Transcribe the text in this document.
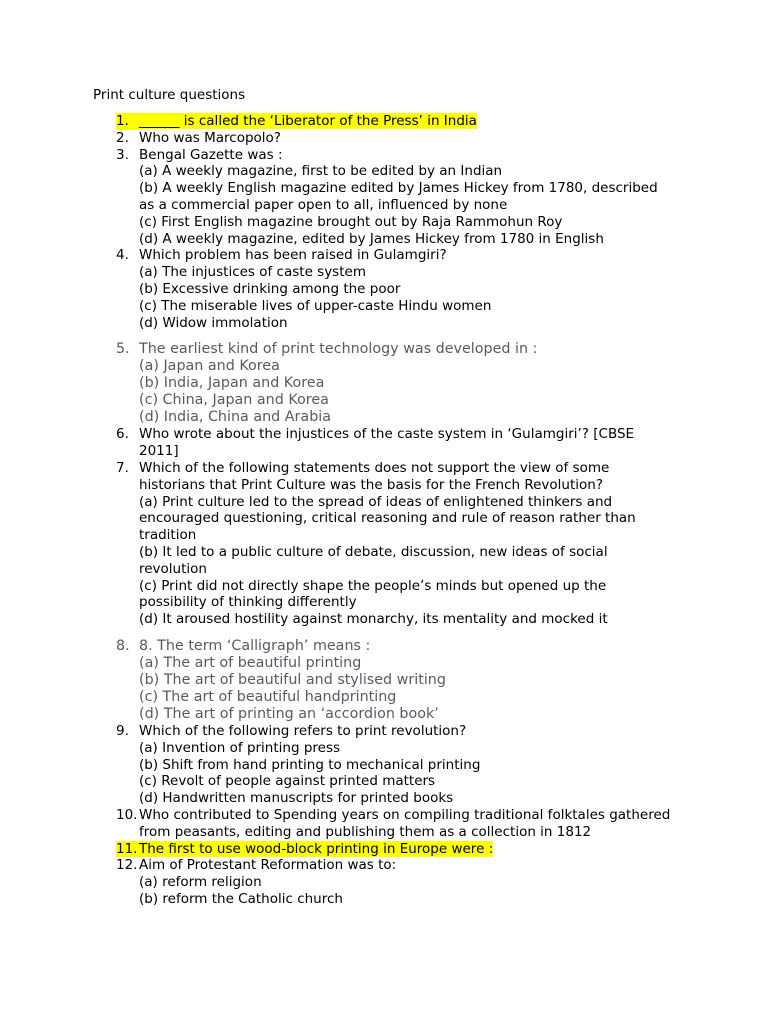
Print culture questions
1. ______ is called the ‘Liberator of the Press’ in India
2. Who was Marcopolo?
3. Bengal Gazette was :
(a) A weekly magazine, first to be edited by an Indian
(b) A weekly English magazine edited by James Hickey from 1780, described as a commercial paper open to all, influenced by none
(c) First English magazine brought out by Raja Rammohun Roy
(d) A weekly magazine, edited by James Hickey from 1780 in English
4. Which problem has been raised in Gulamgiri?
(a) The injustices of caste system
(b) Excessive drinking among the poor
(c) The miserable lives of upper-caste Hindu women
(d) Widow immolation
5. The earliest kind of print technology was developed in :
(a) Japan and Korea
(b) India, Japan and Korea
(c) China, Japan and Korea
(d) India, China and Arabia
6. Who wrote about the injustices of the caste system in ‘Gulamgiri’? [CBSE 2011]
7. Which of the following statements does not support the view of some historians that Print Culture was the basis for the French Revolution?
(a) Print culture led to the spread of ideas of enlightened thinkers and encouraged questioning, critical reasoning and rule of reason rather than tradition
(b) It led to a public culture of debate, discussion, new ideas of social revolution
(c) Print did not directly shape the people’s minds but opened up the possibility of thinking differently
(d) It aroused hostility against monarchy, its mentality and mocked it
8. 8. The term ‘Calligraph’ means :
(a) The art of beautiful printing
(b) The art of beautiful and stylised writing
(c) The art of beautiful handprinting
(d) The art of printing an ‘accordion book’
9. Which of the following refers to print revolution?
(a) Invention of printing press
(b) Shift from hand printing to mechanical printing
(c) Revolt of people against printed matters
(d) Handwritten manuscripts for printed books
10. Who contributed to Spending years on compiling traditional folktales gathered from peasants, editing and publishing them as a collection in 1812
11. The first to use wood-block printing in Europe were :
12. Aim of Protestant Reformation was to:
(a) reform religion
(b) reform the Catholic church
